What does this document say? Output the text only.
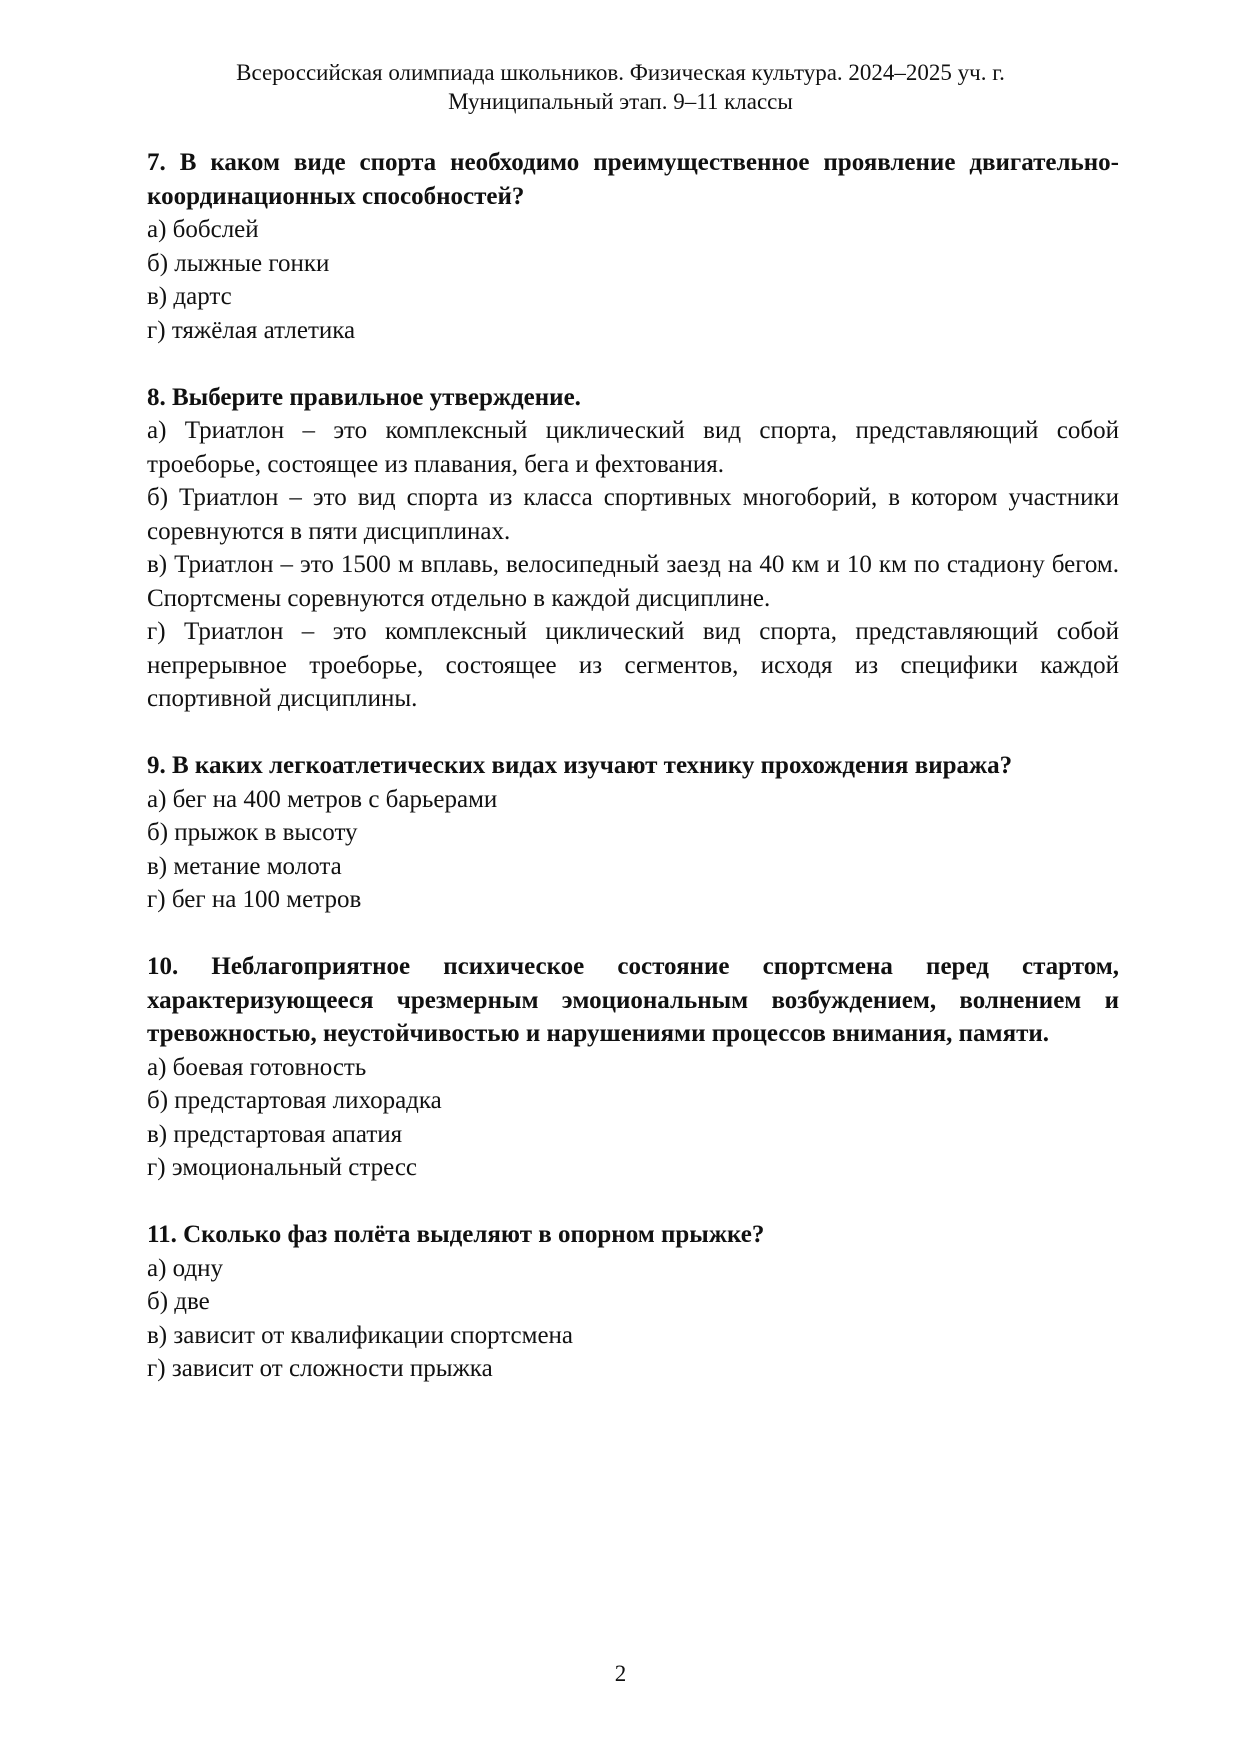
Всероссийская олимпиада школьников. Физическая культура. 2024–2025 уч. г.
Муниципальный этап. 9–11 классы
7. В каком виде спорта необходимо преимущественное проявление двигательно-координационных способностей?
а) бобслей
б) лыжные гонки
в) дартс
г) тяжёлая атлетика
8. Выберите правильное утверждение.
а) Триатлон – это комплексный циклический вид спорта, представляющий собой троеборье, состоящее из плавания, бега и фехтования.
б) Триатлон – это вид спорта из класса спортивных многоборий, в котором участники соревнуются в пяти дисциплинах.
в) Триатлон – это 1500 м вплавь, велосипедный заезд на 40 км и 10 км по стадиону бегом. Спортсмены соревнуются отдельно в каждой дисциплине.
г) Триатлон – это комплексный циклический вид спорта, представляющий собой непрерывное троеборье, состоящее из сегментов, исходя из специфики каждой спортивной дисциплины.
9. В каких легкоатлетических видах изучают технику прохождения виража?
а) бег на 400 метров с барьерами
б) прыжок в высоту
в) метание молота
г) бег на 100 метров
10. Неблагоприятное психическое состояние спортсмена перед стартом, характеризующееся чрезмерным эмоциональным возбуждением, волнением и тревожностью, неустойчивостью и нарушениями процессов внимания, памяти.
а) боевая готовность
б) предстартовая лихорадка
в) предстартовая апатия
г) эмоциональный стресс
11. Сколько фаз полёта выделяют в опорном прыжке?
а) одну
б) две
в) зависит от квалификации спортсмена
г) зависит от сложности прыжка
2
